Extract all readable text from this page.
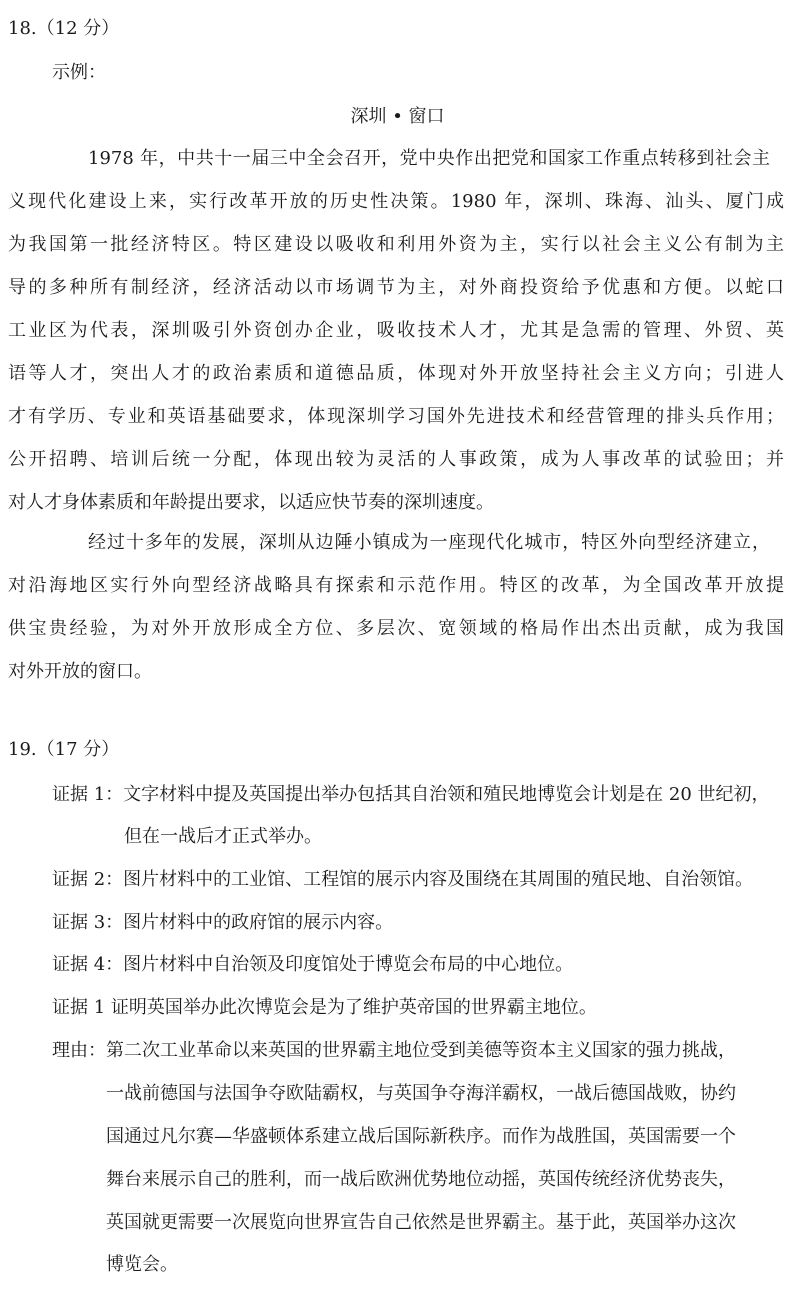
18.（12 分）
示例：
深圳 • 窗口
1978 年，中共十一届三中全会召开，党中央作出把党和国家工作重点转移到社会主
义现代化建设上来，实行改革开放的历史性决策。1980 年，深圳、珠海、汕头、厦门成
为我国第一批经济特区。特区建设以吸收和利用外资为主，实行以社会主义公有制为主
导的多种所有制经济，经济活动以市场调节为主，对外商投资给予优惠和方便。以蛇口
工业区为代表，深圳吸引外资创办企业，吸收技术人才，尤其是急需的管理、外贸、英
语等人才，突出人才的政治素质和道德品质，体现对外开放坚持社会主义方向；引进人
才有学历、专业和英语基础要求，体现深圳学习国外先进技术和经营管理的排头兵作用；
公开招聘、培训后统一分配，体现出较为灵活的人事政策，成为人事改革的试验田；并
对人才身体素质和年龄提出要求，以适应快节奏的深圳速度。
经过十多年的发展，深圳从边陲小镇成为一座现代化城市，特区外向型经济建立，
对沿海地区实行外向型经济战略具有探索和示范作用。特区的改革，为全国改革开放提
供宝贵经验，为对外开放形成全方位、多层次、宽领域的格局作出杰出贡献，成为我国
对外开放的窗口。
19.（17 分）
证据 1：文字材料中提及英国提出举办包括其自治领和殖民地博览会计划是在 20 世纪初，
但在一战后才正式举办。
证据 2：图片材料中的工业馆、工程馆的展示内容及围绕在其周围的殖民地、自治领馆。
证据 3：图片材料中的政府馆的展示内容。
证据 4：图片材料中自治领及印度馆处于博览会布局的中心地位。
证据 1 证明英国举办此次博览会是为了维护英帝国的世界霸主地位。
理由：第二次工业革命以来英国的世界霸主地位受到美德等资本主义国家的强力挑战，
一战前德国与法国争夺欧陆霸权，与英国争夺海洋霸权，一战后德国战败，协约
国通过凡尔赛—华盛顿体系建立战后国际新秩序。而作为战胜国，英国需要一个
舞台来展示自己的胜利，而一战后欧洲优势地位动摇，英国传统经济优势丧失，
英国就更需要一次展览向世界宣告自己依然是世界霸主。基于此，英国举办这次
博览会。
